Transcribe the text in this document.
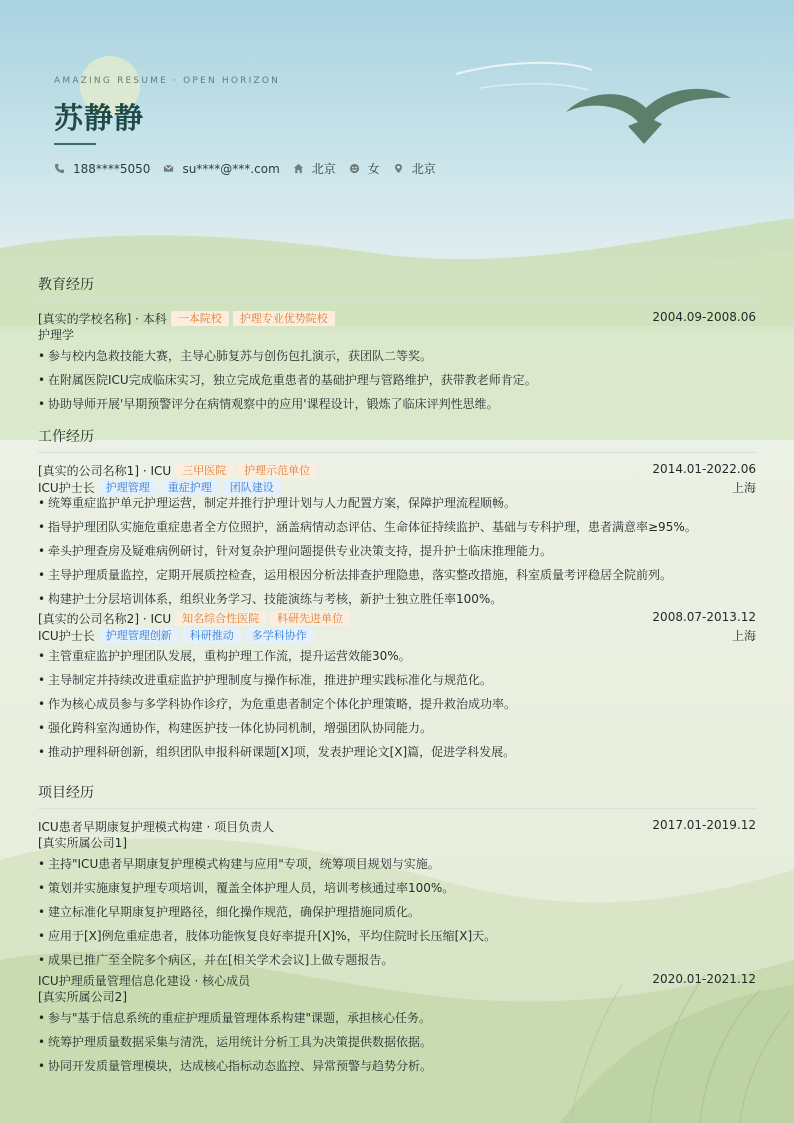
AMAZING RESUME · OPEN HORIZON
苏静静
188****5050	su****@***.com	北京	女	北京
教育经历
[真实的学校名称] · 本科	一本院校	护理专业优势院校	2004.09-2008.06
护理学
• 参与校内急救技能大赛，主导心肺复苏与创伤包扎演示，获团队二等奖。
• 在附属医院ICU完成临床实习，独立完成危重患者的基础护理与管路维护，获带教老师肯定。
• 协助导师开展'早期预警评分在病情观察中的应用'课程设计，锻炼了临床评判性思维。
工作经历
[真实的公司名称1] · ICU	三甲医院	护理示范单位	2014.01-2022.06
ICU护士长	护理管理	重症护理	团队建设	上海
• 统筹重症监护单元护理运营，制定并推行护理计划与人力配置方案，保障护理流程顺畅。
• 指导护理团队实施危重症患者全方位照护，涵盖病情动态评估、生命体征持续监护、基础与专科护理，患者满意率≥95%。
• 牵头护理查房及疑难病例研讨，针对复杂护理问题提供专业决策支持，提升护士临床推理能力。
• 主导护理质量监控，定期开展质控检查，运用根因分析法排查护理隐患，落实整改措施，科室质量考评稳居全院前列。
• 构建护士分层培训体系，组织业务学习、技能演练与考核，新护士独立胜任率100%。
[真实的公司名称2] · ICU	知名综合性医院	科研先进单位	2008.07-2013.12
ICU护士长	护理管理创新	科研推动	多学科协作	上海
• 主管重症监护护理团队发展，重构护理工作流，提升运营效能30%。
• 主导制定并持续改进重症监护护理制度与操作标准，推进护理实践标准化与规范化。
• 作为核心成员参与多学科协作诊疗，为危重患者制定个体化护理策略，提升救治成功率。
• 强化跨科室沟通协作，构建医护技一体化协同机制，增强团队协同能力。
• 推动护理科研创新，组织团队申报科研课题[X]项，发表护理论文[X]篇，促进学科发展。
项目经历
ICU患者早期康复护理模式构建 · 项目负责人	2017.01-2019.12
[真实所属公司1]
• 主持"ICU患者早期康复护理模式构建与应用"专项，统筹项目规划与实施。
• 策划并实施康复护理专项培训，覆盖全体护理人员，培训考核通过率100%。
• 建立标准化早期康复护理路径，细化操作规范，确保护理措施同质化。
• 应用于[X]例危重症患者，肢体功能恢复良好率提升[X]%，平均住院时长压缩[X]天。
• 成果已推广至全院多个病区，并在[相关学术会议]上做专题报告。
ICU护理质量管理信息化建设 · 核心成员	2020.01-2021.12
[真实所属公司2]
• 参与"基于信息系统的重症护理质量管理体系构建"课题，承担核心任务。
• 统筹护理质量数据采集与清洗，运用统计分析工具为决策提供数据依据。
• 协同开发质量管理模块，达成核心指标动态监控、异常预警与趋势分析。
